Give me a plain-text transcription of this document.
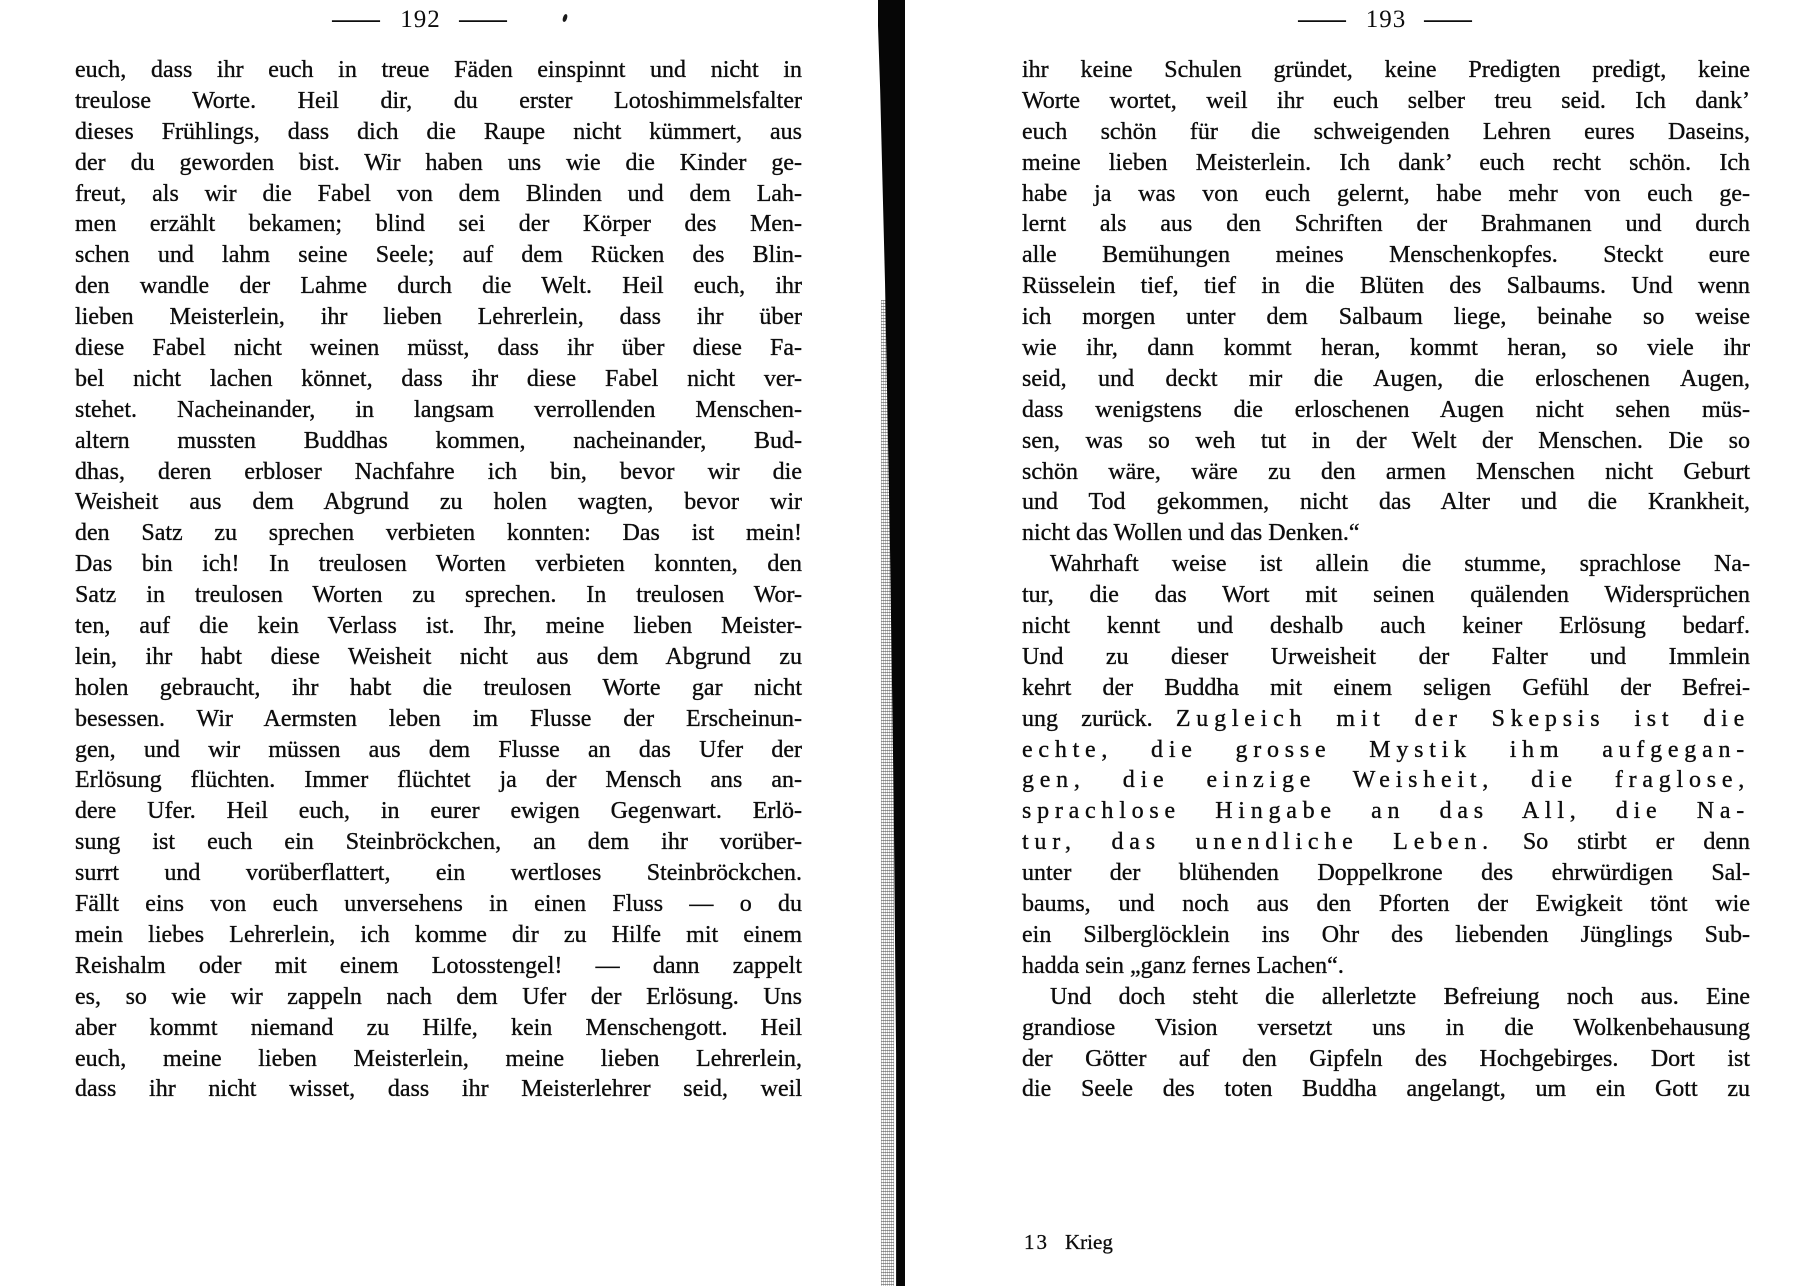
— 192 —
euch, dass ihr euch in treue Fäden einspinnt und nicht in
treulose Worte. Heil dir, du erster Lotoshimmelsfalter
dieses Frühlings, dass dich die Raupe nicht kümmert, aus
der du geworden bist. Wir haben uns wie die Kinder ge-
freut, als wir die Fabel von dem Blinden und dem Lah-
men erzählt bekamen; blind sei der Körper des Men-
schen und lahm seine Seele; auf dem Rücken des Blin-
den wandle der Lahme durch die Welt. Heil euch, ihr
lieben Meisterlein, ihr lieben Lehrerlein, dass ihr über
diese Fabel nicht weinen müsst, dass ihr über diese Fa-
bel nicht lachen könnet, dass ihr diese Fabel nicht ver-
stehet. Nacheinander, in langsam verrollenden Menschen-
altern mussten Buddhas kommen, nacheinander, Bud-
dhas, deren erbloser Nachfahre ich bin, bevor wir die
Weisheit aus dem Abgrund zu holen wagten, bevor wir
den Satz zu sprechen verbieten konnten: Das ist mein!
Das bin ich! In treulosen Worten verbieten konnten, den
Satz in treulosen Worten zu sprechen. In treulosen Wor-
ten, auf die kein Verlass ist. Ihr, meine lieben Meister-
lein, ihr habt diese Weisheit nicht aus dem Abgrund zu
holen gebraucht, ihr habt die treulosen Worte gar nicht
besessen. Wir Aermsten leben im Flusse der Erscheinun-
gen, und wir müssen aus dem Flusse an das Ufer der
Erlösung flüchten. Immer flüchtet ja der Mensch ans an-
dere Ufer. Heil euch, in eurer ewigen Gegenwart. Erlö-
sung ist euch ein Steinbröckchen, an dem ihr vorüber-
surrt und vorüberflattert, ein wertloses Steinbröckchen.
Fällt eins von euch unversehens in einen Fluss — o du
mein liebes Lehrerlein, ich komme dir zu Hilfe mit einem
Reishalm oder mit einem Lotosstengel! — dann zappelt
es, so wie wir zappeln nach dem Ufer der Erlösung. Uns
aber kommt niemand zu Hilfe, kein Menschengott. Heil
euch, meine lieben Meisterlein, meine lieben Lehrerlein,
dass ihr nicht wisset, dass ihr Meisterlehrer seid, weil
— 193 —
ihr keine Schulen gründet, keine Predigten predigt, keine
Worte wortet, weil ihr euch selber treu seid. Ich dank’
euch schön für die schweigenden Lehren eures Daseins,
meine lieben Meisterlein. Ich dank’ euch recht schön. Ich
habe ja was von euch gelernt, habe mehr von euch ge-
lernt als aus den Schriften der Brahmanen und durch
alle Bemühungen meines Menschenkopfes. Steckt eure
Rüsselein tief, tief in die Blüten des Salbaums. Und wenn
ich morgen unter dem Salbaum liege, beinahe so weise
wie ihr, dann kommt heran, kommt heran, so viele ihr
seid, und deckt mir die Augen, die erloschenen Augen,
dass wenigstens die erloschenen Augen nicht sehen müs-
sen, was so weh tut in der Welt der Menschen. Die so
schön wäre, wäre zu den armen Menschen nicht Geburt
und Tod gekommen, nicht das Alter und die Krankheit,
nicht das Wollen und das Denken.“
Wahrhaft weise ist allein die stumme, sprachlose Na-
tur, die das Wort mit seinen quälenden Widersprüchen
nicht kennt und deshalb auch keiner Erlösung bedarf.
Und zu dieser Urweisheit der Falter und Immlein
kehrt der Buddha mit einem seligen Gefühl der Befrei-
ung zurück. Zugleich mit der Skepsis ist die
echte, die grosse Mystik ihm aufgegan-
gen, die einzige Weisheit, die fraglose,
sprachlose Hingabe an das All, die Na-
tur, das unendliche Leben. So stirbt er denn
unter der blühenden Doppelkrone des ehrwürdigen Sal-
baums, und noch aus den Pforten der Ewigkeit tönt wie
ein Silberglöcklein ins Ohr des liebenden Jünglings Sub-
hadda sein „ganz fernes Lachen“.
Und doch steht die allerletzte Befreiung noch aus. Eine
grandiose Vision versetzt uns in die Wolkenbehausung
der Götter auf den Gipfeln des Hochgebirges. Dort ist
die Seele des toten Buddha angelangt, um ein Gott zu
13 Krieg
